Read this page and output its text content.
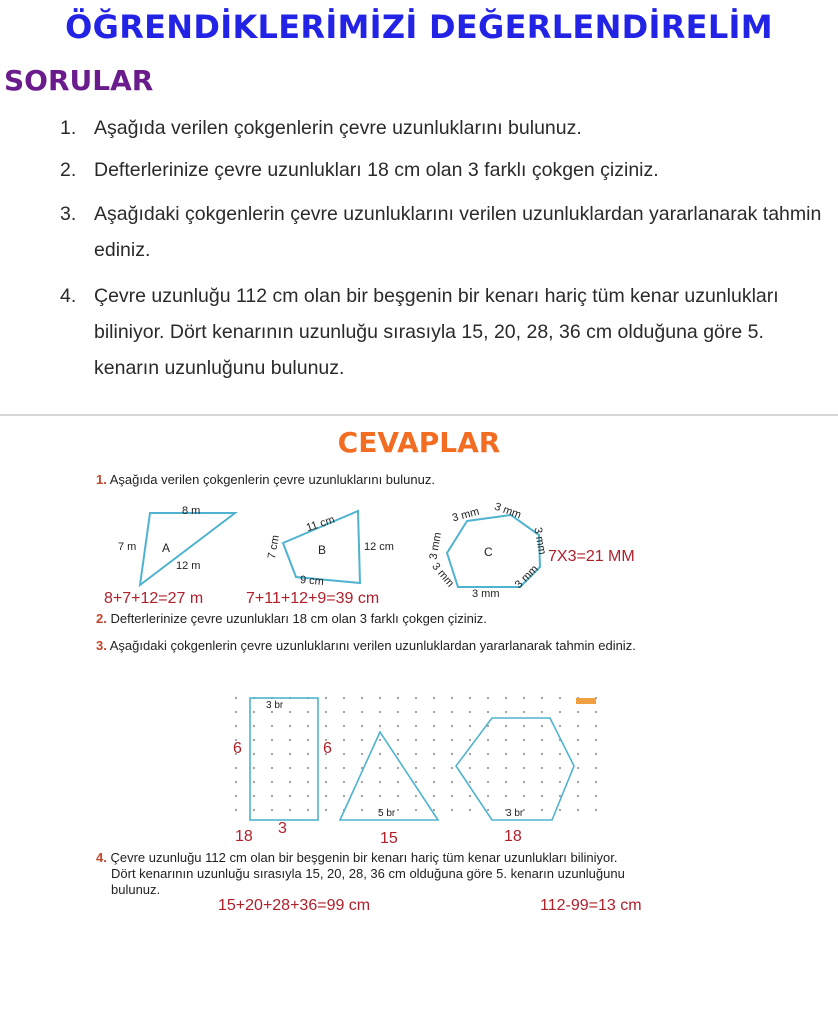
ÖĞRENDİKLERİMİZİ DEĞERLENDİRELİM
SORULAR
1. Aşağıda verilen çokgenlerin çevre uzunluklarını bulunuz.
2. Defterlerinize çevre uzunlukları 18 cm olan 3 farklı çokgen çiziniz.
3. Aşağıdaki çokgenlerin çevre uzunluklarını verilen uzunluklardan yararlanarak tahmin ediniz.
4. Çevre uzunluğu 112 cm olan bir beşgenin bir kenarı hariç tüm kenar uzunlukları biliniyor. Dört kenarının uzunluğu sırasıyla 15, 20, 28, 36 cm olduğuna göre 5. kenarın uzunluğunu bulunuz.
CEVAPLAR
1. Aşağıda verilen çokgenlerin çevre uzunluklarını bulunuz.
8 m
7 m A
12 m
11 cm
7 cm	B	12 cm
9 cm
3 mm 3 mm
3 mm
3 mm
3 mm	3 mm
3 mm
C
8+7+12=27 m	7+11+12+9=39 cm
7X3=21 MM
2. Defterlerinize çevre uzunlukları 18 cm olan 3 farklı çokgen çiziniz.
3. Aşağıdaki çokgenlerin çevre uzunluklarını verilen uzunluklardan yararlanarak tahmin ediniz.
3 br
5 br	3 br
6	6
3
18	15	18
4. Çevre uzunluğu 112 cm olan bir beşgenin bir kenarı hariç tüm kenar uzunlukları biliniyor.
Dört kenarının uzunluğu sırasıyla 15, 20, 28, 36 cm olduğuna göre 5. kenarın uzunluğunu
bulunuz.
15+20+28+36=99 cm	112-99=13 cm
